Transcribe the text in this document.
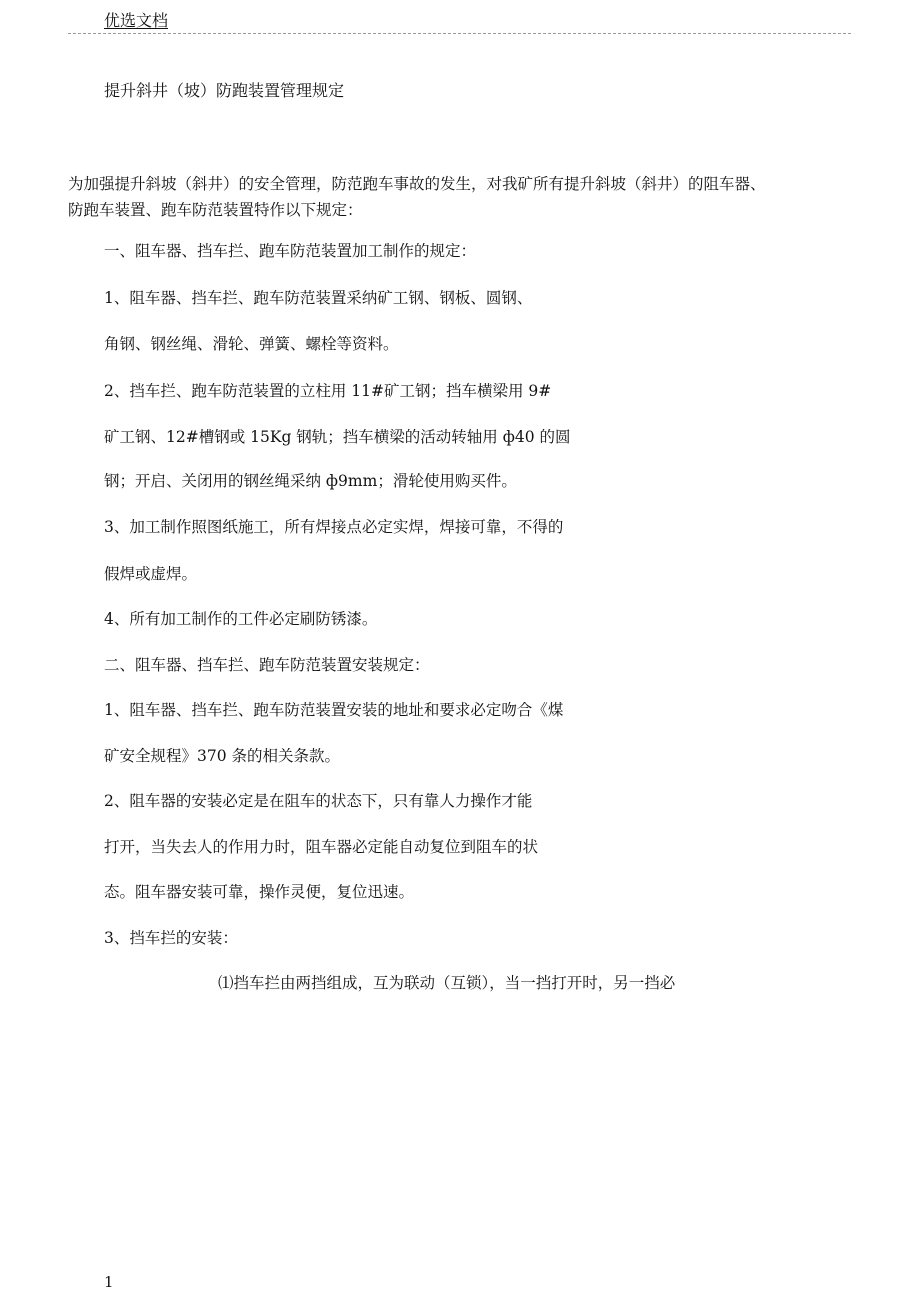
优选文档
提升斜井（坡）防跑装置管理规定
为加强提升斜坡（斜井）的安全管理，防范跑车事故的发生，对我矿所有提升斜坡（斜井）的阻车器、
防跑车装置、跑车防范装置特作以下规定：
一、阻车器、挡车拦、跑车防范装置加工制作的规定：
1、阻车器、挡车拦、跑车防范装置采纳矿工钢、钢板、圆钢、
角钢、钢丝绳、滑轮、弹簧、螺栓等资料。
2、挡车拦、跑车防范装置的立柱用 11#矿工钢；挡车横梁用 9#
矿工钢、12#槽钢或 15Kg 钢轨；挡车横梁的活动转轴用 ф40 的圆
钢；开启、关闭用的钢丝绳采纳 ф9mm；滑轮使用购买件。
3、加工制作照图纸施工，所有焊接点必定实焊，焊接可靠，不得的
假焊或虚焊。
4、所有加工制作的工件必定刷防锈漆。
二、阻车器、挡车拦、跑车防范装置安装规定：
1、阻车器、挡车拦、跑车防范装置安装的地址和要求必定吻合《煤
矿安全规程》370 条的相关条款。
2、阻车器的安装必定是在阻车的状态下，只有靠人力操作才能
打开，当失去人的作用力时，阻车器必定能自动复位到阻车的状
态。阻车器安装可靠，操作灵便，复位迅速。
3、挡车拦的安装：
⑴挡车拦由两挡组成，互为联动（互锁），当一挡打开时，另一挡必
1
